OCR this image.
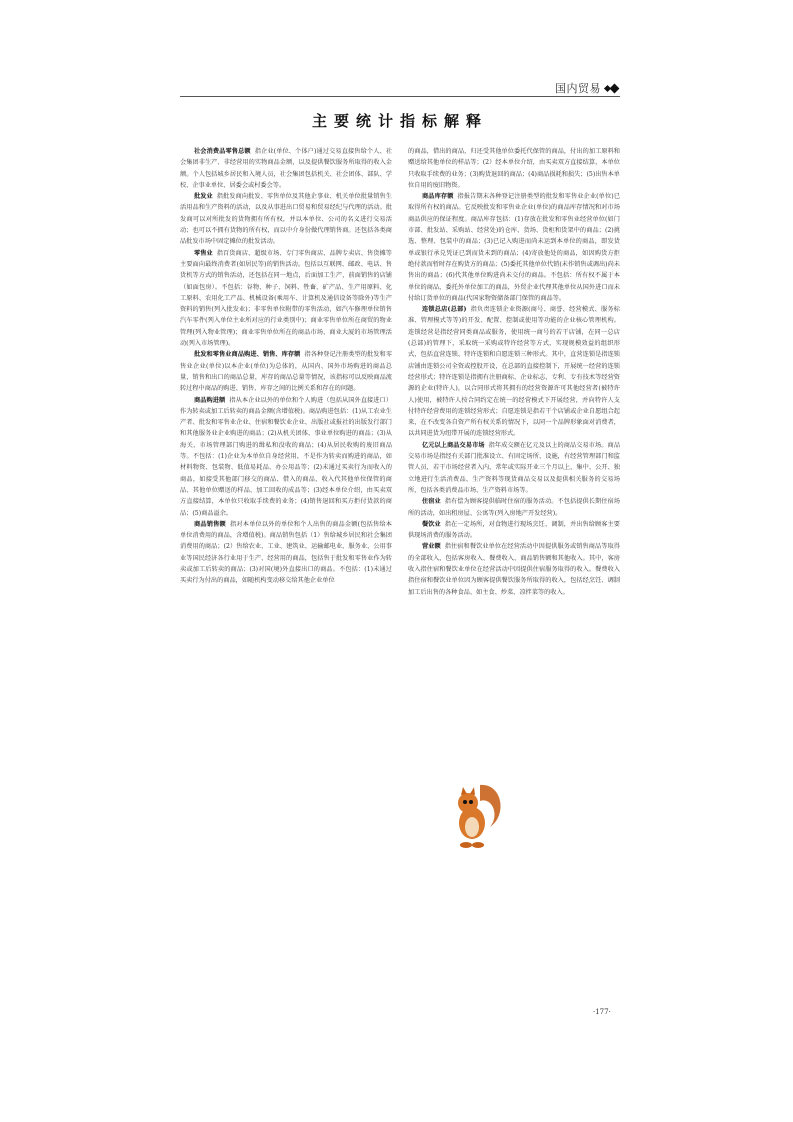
国内贸易
主要统计指标解释

社会消费品零售总额 指企业(单位、个体户)通过交易直接售给个人、社会集团非生产、非经营用的实物商品金额，以及提供餐饮服务所取得的收入金额。个人包括城乡居民和入境人员，社会集团包括机关、社会团体、部队、学校、企事业单位、居委会或村委会等。

批发业 指批发商向批发、零售单位及其他企事业、机关单位批量销售生活用品和生产资料的活动，以及从事进出口贸易和贸易经纪与代理的活动。批发商可以对所批发的货物拥有所有权，并以本单位、公司的名义进行交易活动；也可以不拥有货物的所有权，而以中介身份做代理销售商。还包括各类商品批发市场中固定摊位的批发活动。

零售业 指百货商店、超级市场、专门零售商店、品牌专卖店、售货摊等主要面向最终消费者(如居民等)的销售活动。包括以互联网、邮政、电话、售货机等方式的销售活动，还包括在同一地点，后面加工生产，前面销售的店铺（如面包房）。不包括：谷物、种子、饲料、牲畜、矿产品、生产用原料、化工原料、农用化工产品、机械设备(乘用车、计算机及通信设备等除外)等生产资料的销售(列入批发业)；非零售单位附带的零售活动，如汽车修理单位销售汽车零件(列入单位主业所对应的行业类别中)；商业零售单位所在商贸的物业管理(列入物业管理)；商业零售单位所在的商品市场、商业大厦的市场管理活动(列入市场管理)。

批发和零售业商品购进、销售、库存额 指各种登记注册类型的批发和零售业企业(单位)以本企业(单位)为总体的，从国内、国外市场购进的商品总量，销售和出口的商品总量，库存的商品总量等情况，该指标可以反映商品流转过程中商品的购进、销售、库存之间的比例关系和存在的问题。

商品购进额 指从本企业以外的单位和个人购进（包括从国外直接进口）作为转卖或加工后转卖的商品金额(含增值税)。商品购进包括：(1)从工农业生产者、批发和零售业企业、住宿和餐饮业企业、出版社或报社的出版发行部门和其他服务业企业购进的商品；(2)从机关团体、事业单位购进的商品；(3)从海关、市场管理部门购进的缉私和没收的商品；(4)从居民收购的废旧商品等。不包括：(1)企业为本单位自身经营用，不是作为转卖而购进的商品，如材料物资、包装物、低值易耗品、办公用品等；(2)未通过买卖行为而收入的商品，如接受其他部门移交的商品、借入的商品、收入代其他单位保管的商品、其他单位赠送的样品、加工回收的成品等；(3)经本单位介绍，由买卖双方直接结算，本单位只收取手续费的业务；(4)销售退回和买方拒付货款的商品；(5)商品溢余。

商品销售额 指对本单位以外的单位和个人出售的商品金额(包括售给本单位消费用的商品，含增值税)。商品销售包括（1）售给城乡居民和社会集团消费用的商品；(2）售给农业、工业、建筑业、运输邮电业、服务业、公用事业等国民经济各行业用于生产、经营用的商品，包括售于批发和零售业作为转卖或加工后转卖的商品；(3)对国(境)外直接出口的商品。不包括：(1)未通过买卖行为付出的商品，如随机构变动移交给其他企业单位

的商品，借出的商品，归还受其他单位委托代保管的商品，付出的加工原料和赠送给其他单位的样品等；(2）经本单位介绍，由买卖双方直接结算，本单位只收取手续费的业务；(3)购货退回的商品；(4)商品损耗和损失；(5)出售本单位自用的废旧物资。

商品库存额 指报告期末各种登记注册类型的批发和零售业企业(单位)已取得所有权的商品。它反映批发和零售业企业(单位)的商品库存情况和对市场商品供应的保证程度。商品库存包括：(1)存放在批发和零售业经营单位(如门市部、批发站、采购站、经营处)的仓库、货场、货柜和货架中的商品；(2)挑选、整理、包装中的商品；(3)已记入购进而尚未运到本单位的商品，即发货单或银行承兑凭证已到而货未到的商品；(4)寄放他处的商品，如因购货方拒绝付款而暂时存在购货方的商品；(5)委托其他单位代销(未作销售或调出)尚未售出的商品；(6)代其他单位购进尚未交付的商品。不包括：所有权不属于本单位的商品，委托外单位加工的商品，外贸企业代理其他单位从国外进口而未付给订货单位的商品(代国家物资储备部门保管的商品等。

连锁总店(总部) 指负责连锁企业资源(商号、商誉、经营模式、服务标准、管理模式等等)的开发、配置、控制或使用等功能的企业核心管理机构。连锁经营是指经营同类商品或服务，使用统一商号的若干店铺，在同一总店(总部)的管理下，采取统一采购或特许经营等方式，实现规模效益的组织形式，包括直营连锁、特许连锁和自愿连锁三种形式。其中，直营连锁是指连锁店铺由连锁公司全资或控股开设，在总部的直接控制下，开展统一经营的连锁经营形式；特许连锁是指拥有注册商标、企业标志、专利、专有技术等经营资源的企业(特许人)，以合同形式将其拥有的经营资源许可其他经营者(被特许人)使用，被特许人按合同约定在统一的经营模式下开展经营，并向特许人支付特许经营费用的连锁经营形式；自愿连锁是指若干个店铺或企业自愿组合起来，在不改变各自资产所有权关系的情况下，以同一个品牌形象面对消费者，以共同进货为纽带开展的连锁经营形式。

亿元以上商品交易市场 指年成交额在亿元及以上的商品交易市场。商品交易市场是指经有关部门批准设立、有固定场所、设施，有经营管理部门和监管人员，若干市场经营者入内，常年或实际开业三个月以上，集中、公开、独立地进行生活消费品、生产资料等现货商品交易以及提供相关服务的交易场所，包括各类消费品市场、生产资料市场等。

住宿业 指有偿为顾客提供临时住宿的服务活动。不包括提供长期住宿场所的活动，如出租房屋、公寓等(列入房地产开发经营)。

餐饮业 指在一定场所，对食物进行现场烹饪、调制，并出售给顾客主要供现场消费的服务活动。

营业额 指住宿和餐饮业单位在经营活动中因提供服务或销售商品等取得的全部收入，包括客房收入、餐费收入、商品销售额和其他收入。其中，客房收入指住宿和餐饮业单位在经营活动中因提供住宿服务取得的收入。餐费收入指住宿和餐饮业单位因为顾客提供餐饮服务所取得的收入，包括经烹饪、调制加工后出售的各种食品、如主食、炒菜、凉拌菜等的收入。

·177·
